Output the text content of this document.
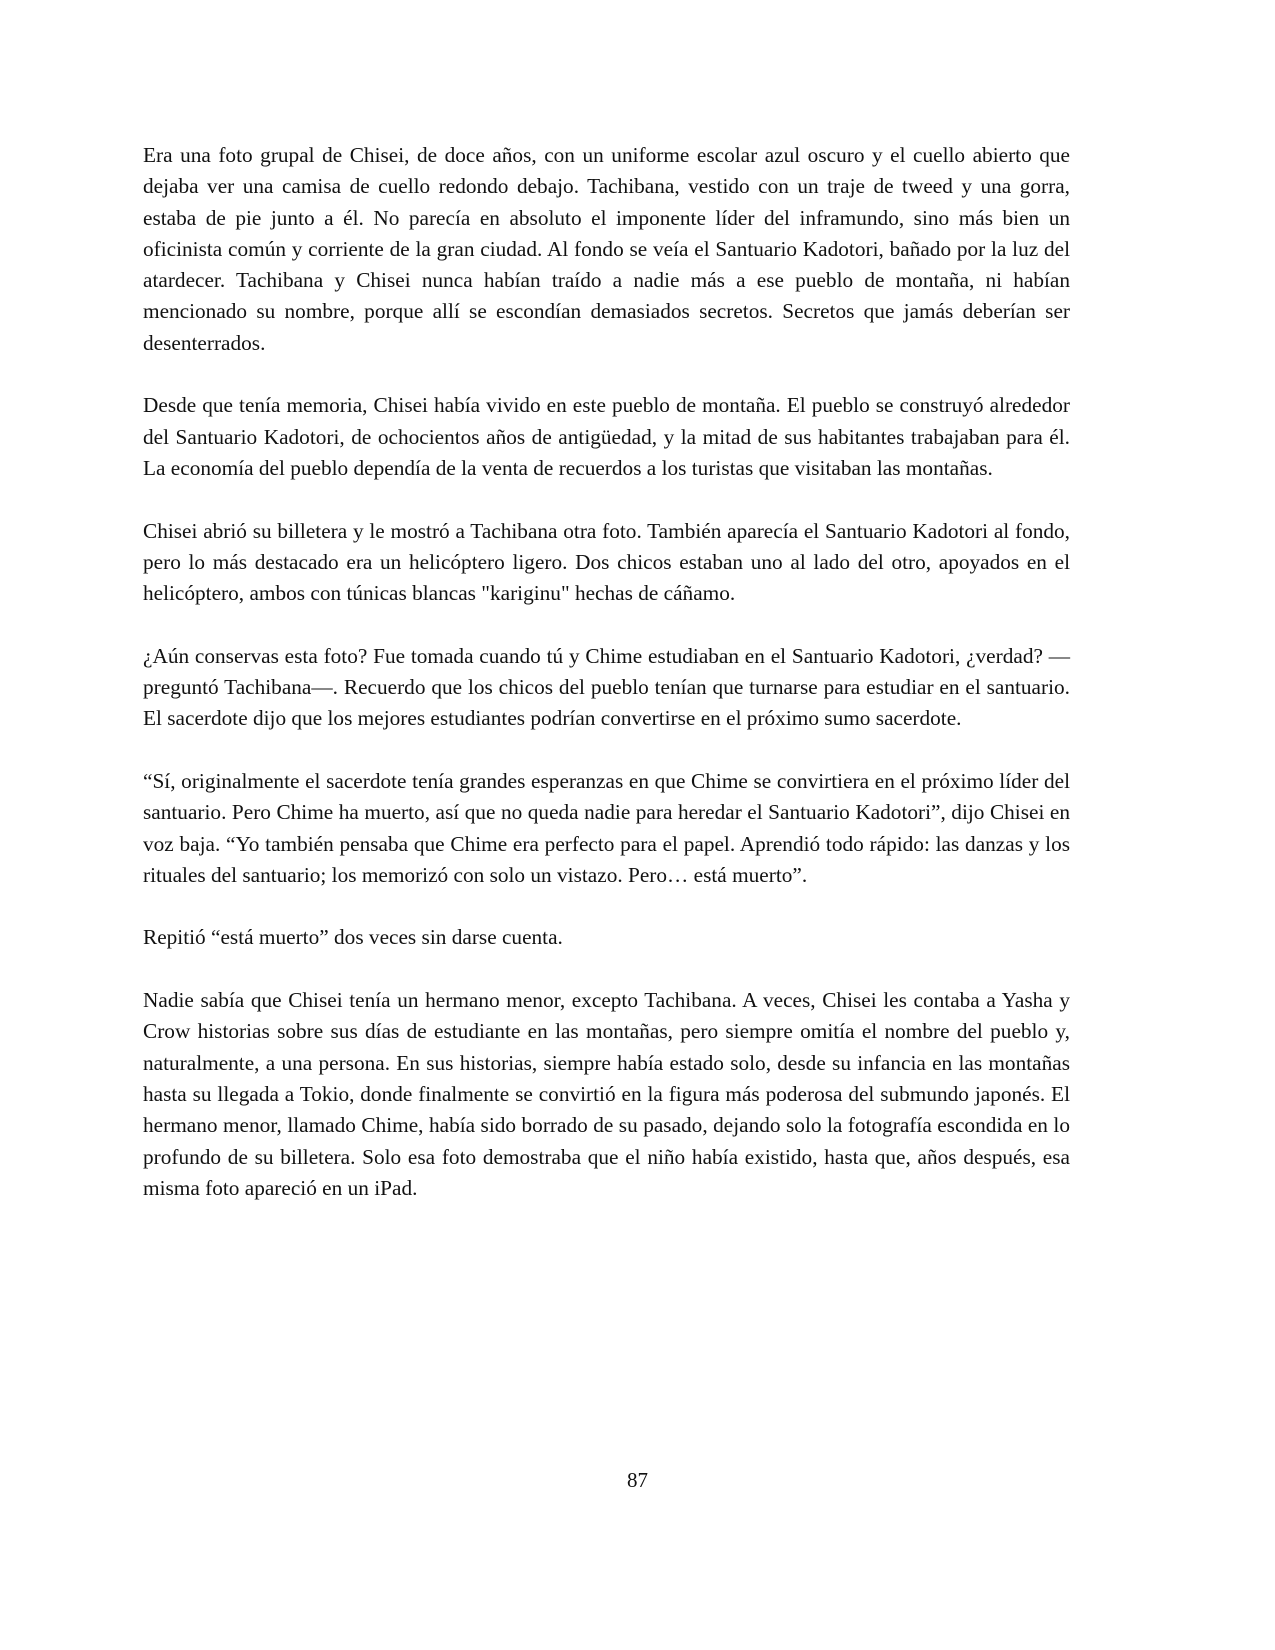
Era una foto grupal de Chisei, de doce años, con un uniforme escolar azul oscuro y el cuello abierto que dejaba ver una camisa de cuello redondo debajo. Tachibana, vestido con un traje de tweed y una gorra, estaba de pie junto a él. No parecía en absoluto el imponente líder del inframundo, sino más bien un oficinista común y corriente de la gran ciudad. Al fondo se veía el Santuario Kadotori, bañado por la luz del atardecer. Tachibana y Chisei nunca habían traído a nadie más a ese pueblo de montaña, ni habían mencionado su nombre, porque allí se escondían demasiados secretos. Secretos que jamás deberían ser desenterrados.

Desde que tenía memoria, Chisei había vivido en este pueblo de montaña. El pueblo se construyó alrededor del Santuario Kadotori, de ochocientos años de antigüedad, y la mitad de sus habitantes trabajaban para él. La economía del pueblo dependía de la venta de recuerdos a los turistas que visitaban las montañas.

Chisei abrió su billetera y le mostró a Tachibana otra foto. También aparecía el Santuario Kadotori al fondo, pero lo más destacado era un helicóptero ligero. Dos chicos estaban uno al lado del otro, apoyados en el helicóptero, ambos con túnicas blancas "kariginu" hechas de cáñamo.

¿Aún conservas esta foto? Fue tomada cuando tú y Chime estudiaban en el Santuario Kadotori, ¿verdad? —preguntó Tachibana—. Recuerdo que los chicos del pueblo tenían que turnarse para estudiar en el santuario. El sacerdote dijo que los mejores estudiantes podrían convertirse en el próximo sumo sacerdote.

“Sí, originalmente el sacerdote tenía grandes esperanzas en que Chime se convirtiera en el próximo líder del santuario. Pero Chime ha muerto, así que no queda nadie para heredar el Santuario Kadotori”, dijo Chisei en voz baja. “Yo también pensaba que Chime era perfecto para el papel. Aprendió todo rápido: las danzas y los rituales del santuario; los memorizó con solo un vistazo. Pero… está muerto”.

Repitió “está muerto” dos veces sin darse cuenta.

Nadie sabía que Chisei tenía un hermano menor, excepto Tachibana. A veces, Chisei les contaba a Yasha y Crow historias sobre sus días de estudiante en las montañas, pero siempre omitía el nombre del pueblo y, naturalmente, a una persona. En sus historias, siempre había estado solo, desde su infancia en las montañas hasta su llegada a Tokio, donde finalmente se convirtió en la figura más poderosa del submundo japonés. El hermano menor, llamado Chime, había sido borrado de su pasado, dejando solo la fotografía escondida en lo profundo de su billetera. Solo esa foto demostraba que el niño había existido, hasta que, años después, esa misma foto apareció en un iPad.

87
